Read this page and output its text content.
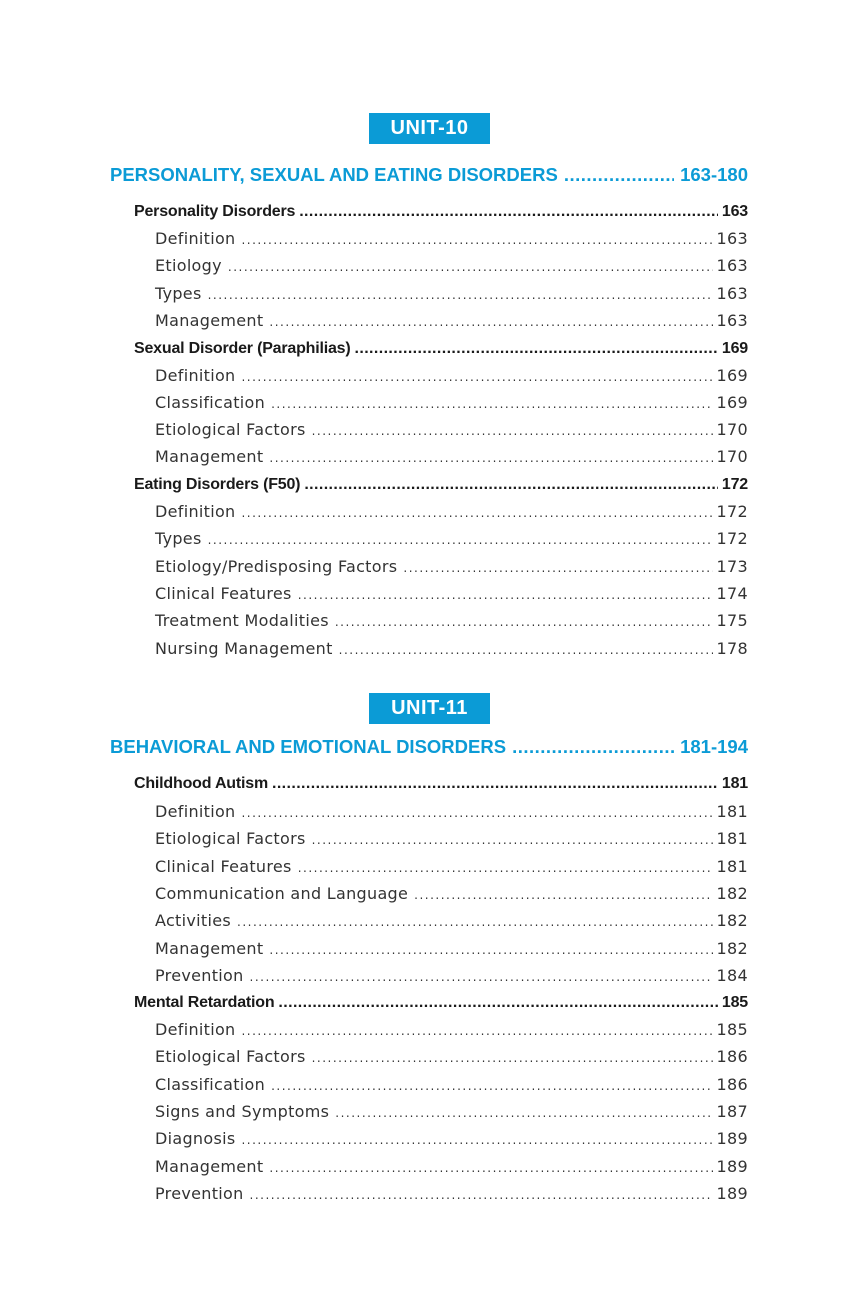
UNIT-10
PERSONALITY, SEXUAL AND EATING DISORDERS .....	163-180
Personality Disorders .....	163
Definition .....	163
Etiology .....	163
Types .....	163
Management .....	163
Sexual Disorder (Paraphilias) .....	169
Definition .....	169
Classification .....	169
Etiological Factors .....	170
Management .....	170
Eating Disorders (F50) .....	172
Definition .....	172
Types .....	172
Etiology/Predisposing Factors .....	173
Clinical Features .....	174
Treatment Modalities .....	175
Nursing Management .....	178
UNIT-11
BEHAVIORAL AND EMOTIONAL DISORDERS .....	181-194
Childhood Autism .....	181
Definition .....	181
Etiological Factors .....	181
Clinical Features .....	181
Communication and Language .....	182
Activities .....	182
Management .....	182
Prevention .....	184
Mental Retardation .....	185
Definition .....	185
Etiological Factors .....	186
Classification .....	186
Signs and Symptoms .....	187
Diagnosis .....	189
Management .....	189
Prevention .....	189
